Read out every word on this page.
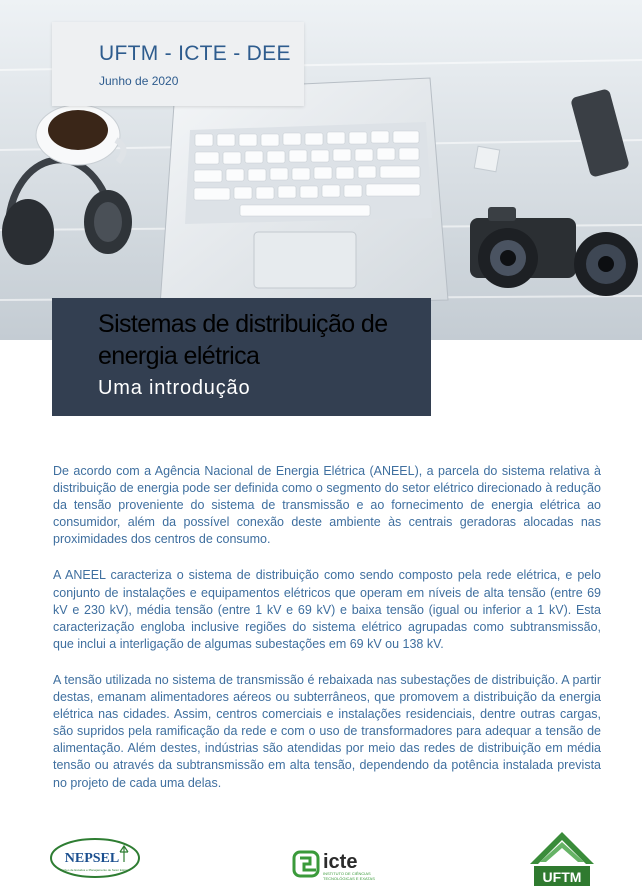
UFTM - ICTE - DEE
Junho de 2020
Sistemas de distribuição de energia elétrica
Uma introdução

De acordo com a Agência Nacional de Energia Elétrica (ANEEL), a parcela do sistema relativa à distribuição de energia pode ser definida como o segmento do setor elétrico direcionado à redução da tensão proveniente do sistema de transmissão e ao fornecimento de energia elétrica ao consumidor, além da possível conexão deste ambiente às centrais geradoras alocadas nas proximidades dos centros de consumo.

A ANEEL caracteriza o sistema de distribuição como sendo composto pela rede elétrica, e pelo conjunto de instalações e equipamentos elétricos que operam em níveis de alta tensão (entre 69 kV e 230 kV), média tensão (entre 1 kV e 69 kV) e baixa tensão (igual ou inferior a 1 kV). Esta caracterização engloba inclusive regiões do sistema elétrico agrupadas como subtransmissão, que inclui a interligação de algumas subestações em 69 kV ou 138 kV.

A tensão utilizada no sistema de transmissão é rebaixada nas subestações de distribuição. A partir destas, emanam alimentadores aéreos ou subterrâneos, que promovem a distribuição da energia elétrica nas cidades. Assim, centros comerciais e instalações residenciais, dentre outras cargas, são supridos pela ramificação da rede e com o uso de transformadores para adequar a tensão de alimentação. Além destes, indústrias são atendidas por meio das redes de distribuição em média tensão ou através da subtransmissão em alta tensão, dependendo da potência instalada prevista no projeto de cada uma delas.

NEPSEL
Núcleo de Estudos e Planejamento de Setor Elétrico	icte
INSTITUTO DE CIÊNCIAS
TECNOLÓGICAS E EXATAS	UFTM
